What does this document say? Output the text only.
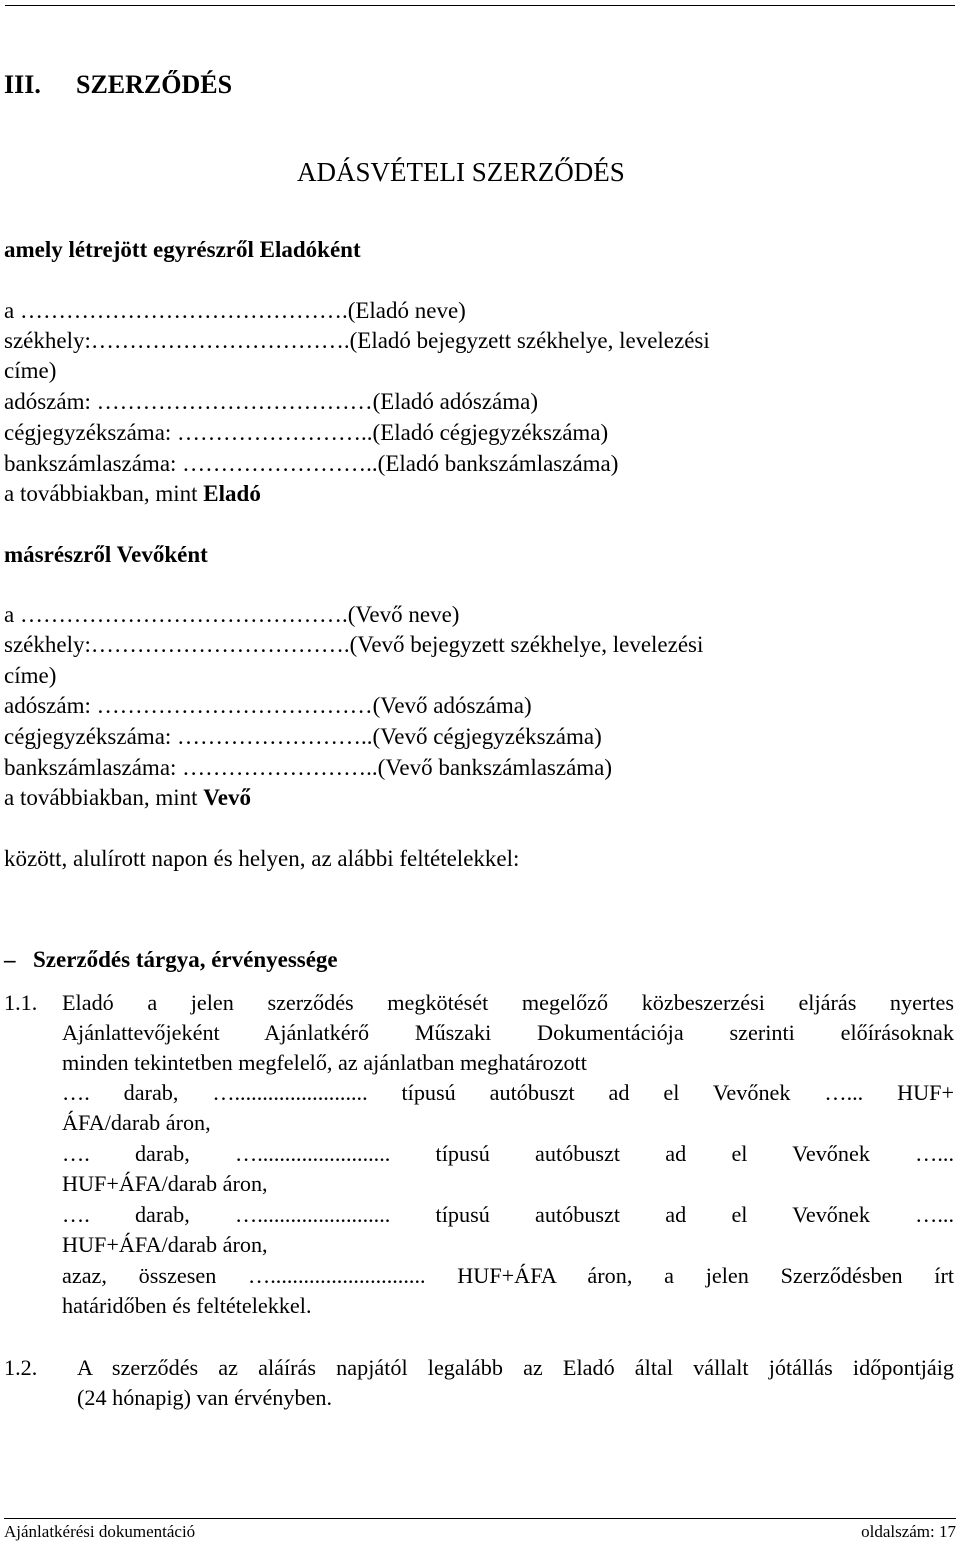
III. SZERZŐDÉS
ADÁSVÉTELI SZERZŐDÉS
amely létrejött egyrészről Eladóként
a …………………………………….(Eladó neve)
székhely:…………………………….(Eladó bejegyzett székhelye, levelezési
címe)
adószám: ………………………………(Eladó adószáma)
cégjegyzékszáma: ……………………..(Eladó cégjegyzékszáma)
bankszámlaszáma: ……………………..(Eladó bankszámlaszáma)
a továbbiakban, mint Eladó
másrészről Vevőként
a …………………………………….(Vevő neve)
székhely:…………………………….(Vevő bejegyzett székhelye, levelezési
címe)
adószám: ………………………………(Vevő adószáma)
cégjegyzékszáma: ……………………..(Vevő cégjegyzékszáma)
bankszámlaszáma: ……………………..(Vevő bankszámlaszáma)
a továbbiakban, mint Vevő
között, alulírott napon és helyen, az alábbi feltételekkel:
– Szerződés tárgya, érvényessége
1.1. Eladó a jelen szerződés megkötését megelőző közbeszerzési eljárás nyertes
Ajánlattevőjeként Ajánlatkérő Műszaki Dokumentációja szerinti előírásoknak
minden tekintetben megfelelő, az ajánlatban meghatározott
…. darab, …........................ típusú autóbuszt ad el Vevőnek …... HUF+
ÁFA/darab áron,
…. darab, …........................ típusú autóbuszt ad el Vevőnek …...
HUF+ÁFA/darab áron,
…. darab, …........................ típusú autóbuszt ad el Vevőnek …...
HUF+ÁFA/darab áron,
azaz, összesen …............................ HUF+ÁFA áron, a jelen Szerződésben írt
határidőben és feltételekkel.
1.2. A szerződés az aláírás napjától legalább az Eladó által vállalt jótállás időpontjáig
(24 hónapig) van érvényben.
Ajánlatkérési dokumentáció	oldalszám: 17
